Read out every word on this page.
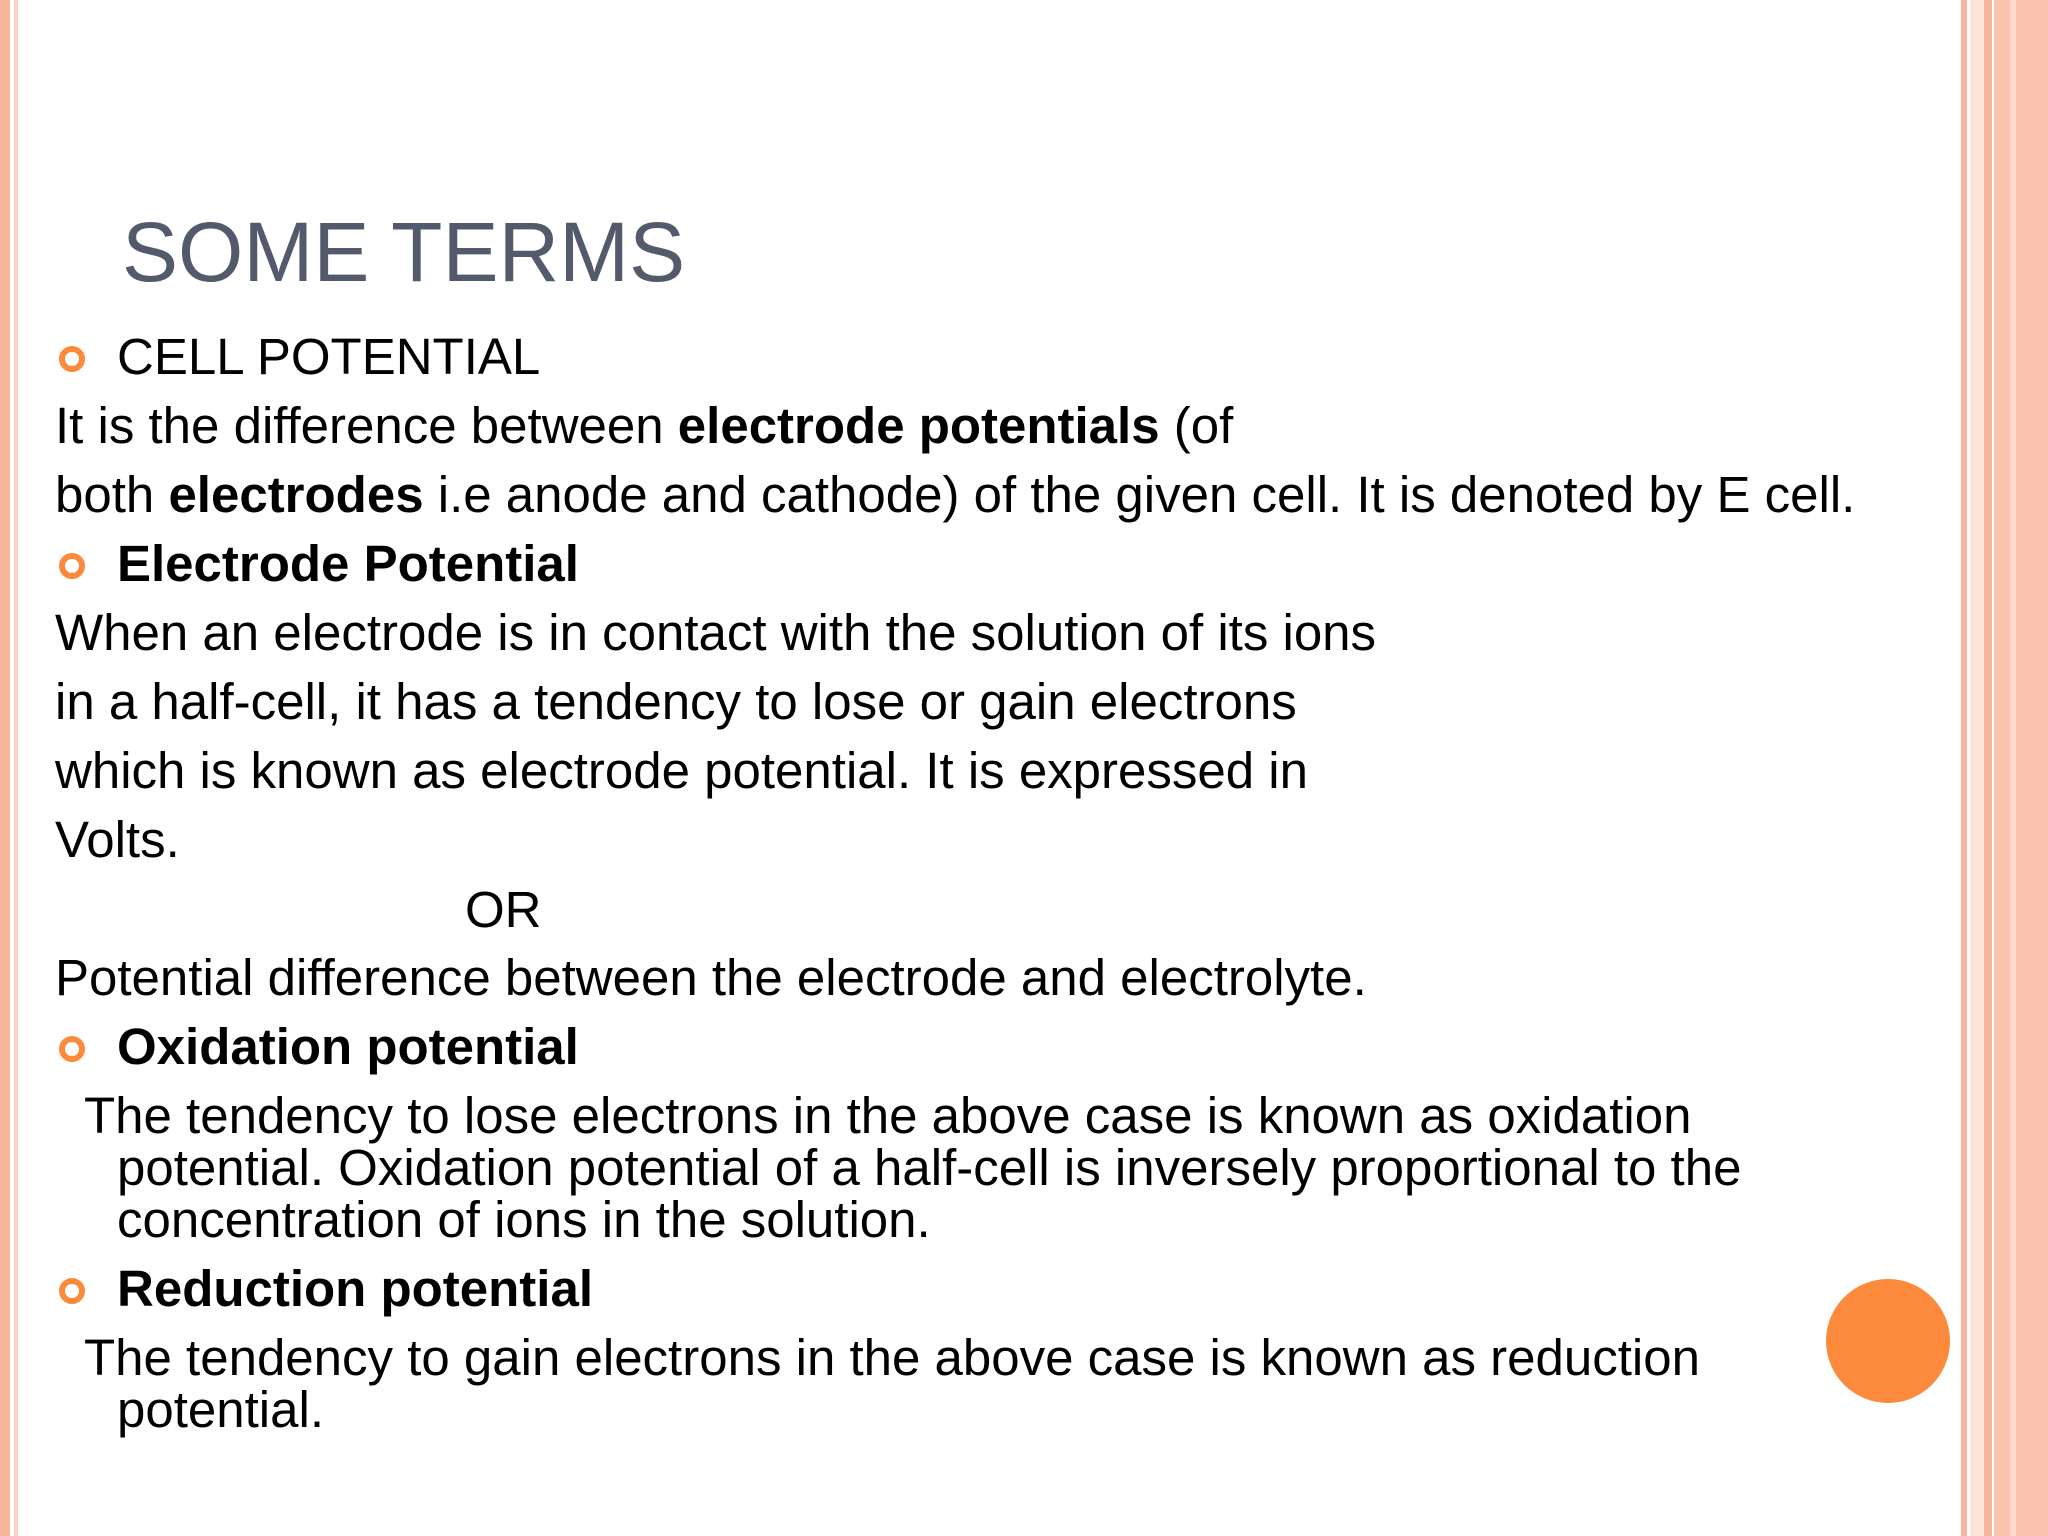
SOME TERMS

CELL POTENTIAL

It is the difference between electrode potentials (of

both electrodes i.e anode and cathode) of the given cell. It is denoted by E cell.

Electrode Potential

When an electrode is in contact with the solution of its ions

in a half-cell, it has a tendency to lose or gain electrons

which is known as electrode potential. It is expressed in

Volts.

OR

Potential difference between the electrode and electrolyte.

Oxidation potential

The tendency to lose electrons in the above case is known as oxidation

potential. Oxidation potential of a half-cell is inversely proportional to the

concentration of ions in the solution.

Reduction potential

The tendency to gain electrons in the above case is known as reduction

potential.
